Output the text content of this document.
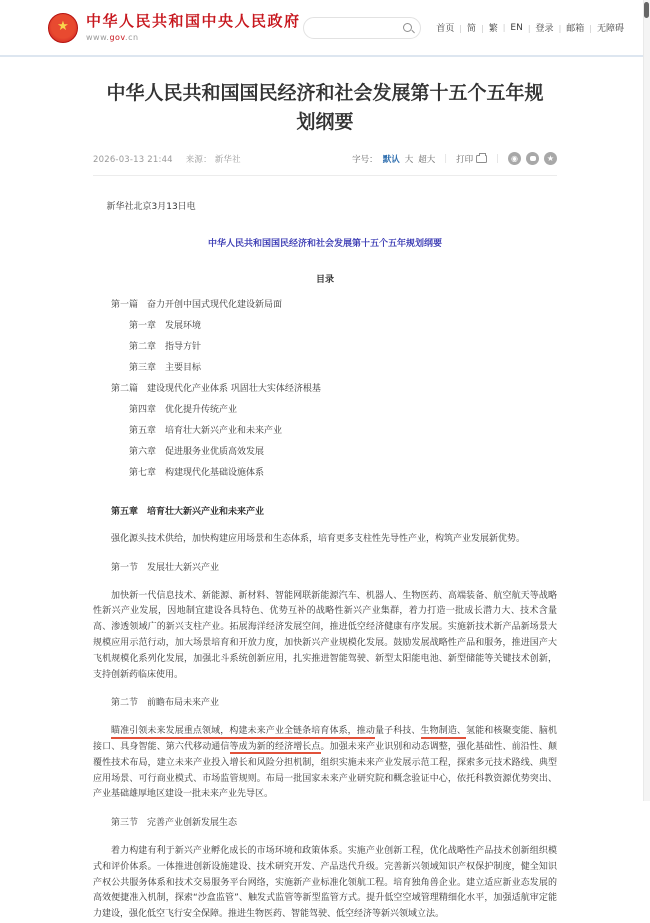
★ 中华人民共和国中央人民政府
www.gov.cn
首页	| 简	| 繁	| EN	| 登录	| 邮箱	| 无障碍
中华人民共和国国民经济和社会发展第十五个五年规划纲要
2026-03-13 21:44 来源： 新华社	字号： 默认 大 超大 | 打印	|	◉	★

新华社北京3月13日电

中华人民共和国国民经济和社会发展第十五个五年规划纲要

目录

第一篇　奋力开创中国式现代化建设新局面
第一章　发展环境
第二章　指导方针
第三章　主要目标
第二篇　建设现代化产业体系 巩固壮大实体经济根基
第四章　优化提升传统产业
第五章　培育壮大新兴产业和未来产业
第六章　促进服务业优质高效发展
第七章　构建现代化基础设施体系

第五章　培育壮大新兴产业和未来产业

强化源头技术供给，加快构建应用场景和生态体系，培育更多支柱性先导性产业，构筑产业发展新优势。

第一节　发展壮大新兴产业

加快新一代信息技术、新能源、新材料、智能网联新能源汽车、机器人、生物医药、高端装备、航空航天等战略性新兴产业发展，因地制宜建设各具特色、优势互补的战略性新兴产业集群，着力打造一批成长潜力大、技术含量高、渗透领域广的新兴支柱产业。拓展海洋经济发展空间，推进低空经济健康有序发展。实施新技术新产品新场景大规模应用示范行动，加大场景培育和开放力度，加快新兴产业规模化发展。鼓励发展战略性产品和服务，推进国产大飞机规模化系列化发展，加强北斗系统创新应用，扎实推进智能驾驶、新型太阳能电池、新型储能等关键技术创新，支持创新药临床使用。

第二节　前瞻布局未来产业

瞄准引领未来发展重点领域，构建未来产业全链条培育体系，推动量子科技、生物制造、氢能和核聚变能、脑机接口、具身智能、第六代移动通信等成为新的经济增长点。加强未来产业识别和动态调整，强化基础性、前沿性、颠覆性技术布局，建立未来产业投入增长和风险分担机制，组织实施未来产业发展示范工程，探索多元技术路线、典型应用场景、可行商业模式、市场监管规则。布局一批国家未来产业研究院和概念验证中心，依托科教资源优势突出、产业基础雄厚地区建设一批未来产业先导区。

第三节　完善产业创新发展生态

着力构建有利于新兴产业孵化成长的市场环境和政策体系。实施产业创新工程，优化战略性产品技术创新组织模式和评价体系。一体推进创新设施建设、技术研究开发、产品迭代升级。完善新兴领域知识产权保护制度，健全知识产权公共服务体系和技术交易服务平台网络，实施新产业标准化领航工程。培育独角兽企业。建立适应新业态发展的高效便捷准入机制，探索“沙盒监管”、触发式监管等新型监管方式。提升低空空域管理精细化水平，加强适航审定能力建设，强化低空飞行安全保障。推进生物医药、智能驾驶、低空经济等新兴领域立法。
